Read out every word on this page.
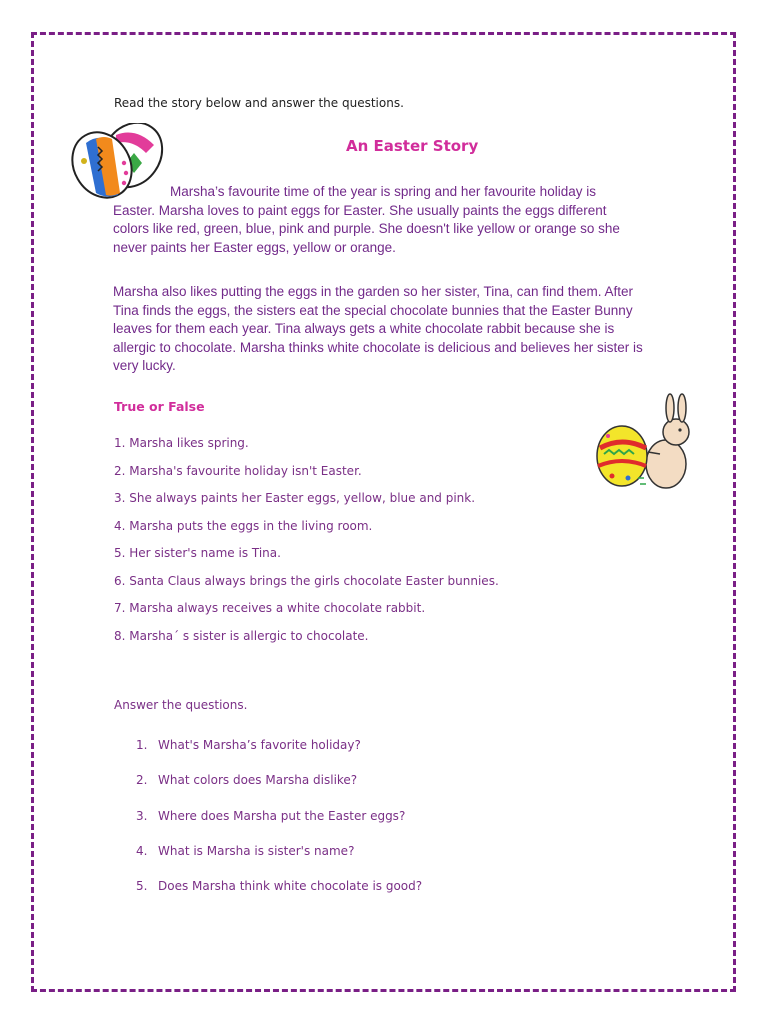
Read the story below and answer the questions.
An Easter Story
Marsha’s favourite time of the year is spring and her favourite holiday is Easter. Marsha loves to paint eggs for Easter. She usually paints the eggs different colors like red, green, blue, pink and purple. She doesn't like yellow or orange so she never paints her Easter eggs, yellow or orange.
Marsha also likes putting the eggs in the garden so her sister, Tina, can find them. After Tina finds the eggs, the sisters eat the special chocolate bunnies that the Easter Bunny leaves for them each year. Tina always gets a white chocolate rabbit because she is allergic to chocolate. Marsha thinks white chocolate is delicious and believes her sister is very lucky.
True or False
1. Marsha likes spring.
2. Marsha's favourite holiday isn't Easter.
3. She always paints her Easter eggs, yellow, blue and pink.
4. Marsha puts the eggs in the living room.
5. Her sister's name is Tina.
6. Santa Claus always brings the girls chocolate Easter bunnies.
7. Marsha always receives a white chocolate rabbit.
8. Marsha´ s sister is allergic to chocolate.
Answer the questions.
1. What's Marsha’s favorite holiday?
2. What colors does Marsha dislike?
3. Where does Marsha put the Easter eggs?
4. What is Marsha is sister's name?
5. Does Marsha think white chocolate is good?
